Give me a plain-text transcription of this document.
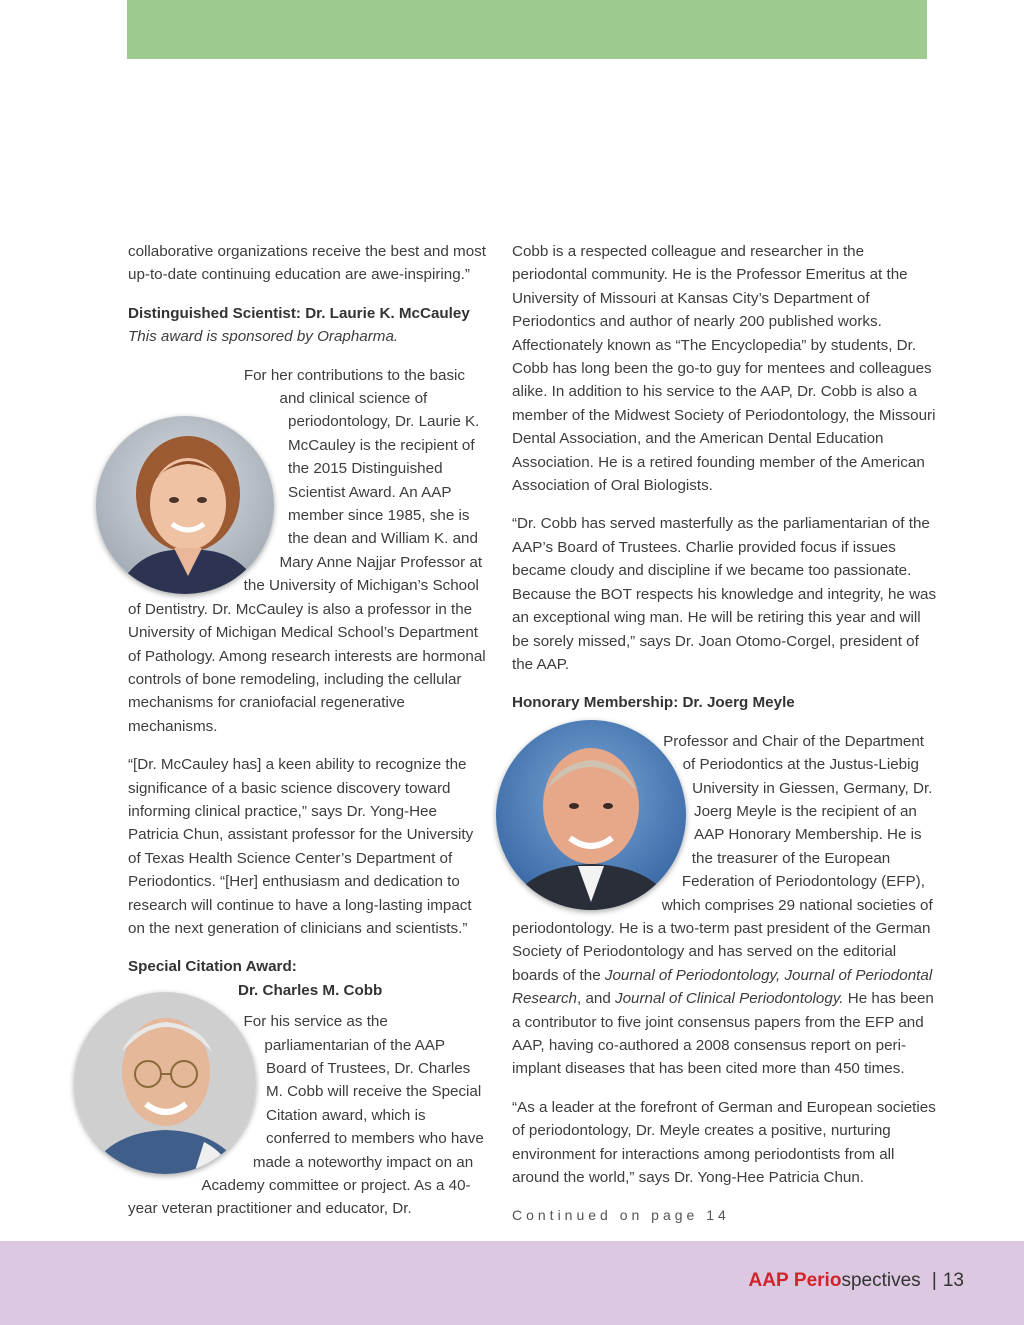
collaborative organizations receive the best and most up-to-date continuing education are awe-inspiring.”

Distinguished Scientist: Dr. Laurie K. McCauley

This award is sponsored by Orapharma.

For her contributions to the basic and clinical science of periodontology, Dr. Laurie K. McCauley is the recipient of the 2015 Distinguished Scientist Award. An AAP member since 1985, she is the dean and William K. and Mary Anne Najjar Professor at the University of Michigan’s School of Dentistry. Dr. McCauley is also a professor in the University of Michigan Medical School’s Department of Pathology. Among research interests are hormonal controls of bone remodeling, including the cellular mechanisms for craniofacial regenerative mechanisms.

“[Dr. McCauley has] a keen ability to recognize the significance of a basic science discovery toward informing clinical practice,” says Dr. Yong-Hee Patricia Chun, assistant professor for the University of Texas Health Science Center’s Department of Periodontics. “[Her] enthusiasm and dedication to research will continue to have a long-lasting impact on the next generation of clinicians and scientists.”

Special Citation Award:
Dr. Charles M. Cobb

For his service as the parliamentarian of the AAP Board of Trustees, Dr. Charles M. Cobb will receive the Special Citation award, which is conferred to members who have made a noteworthy impact on an Academy committee or project. As a 40-year veteran practitioner and educator, Dr.

Cobb is a respected colleague and researcher in the periodontal community. He is the Professor Emeritus at the University of Missouri at Kansas City’s Department of Periodontics and author of nearly 200 published works. Affectionately known as “The Encyclopedia” by students, Dr. Cobb has long been the go-to guy for mentees and colleagues alike. In addition to his service to the AAP, Dr. Cobb is also a member of the Midwest Society of Periodontology, the Missouri Dental Association, and the American Dental Education Association. He is a retired founding member of the American Association of Oral Biologists.

“Dr. Cobb has served masterfully as the parliamentarian of the AAP’s Board of Trustees. Charlie provided focus if issues became cloudy and discipline if we became too passionate. Because the BOT respects his knowledge and integrity, he was an exceptional wing man. He will be retiring this year and will be sorely missed,” says Dr. Joan Otomo-Corgel, president of the AAP.

Honorary Membership: Dr. Joerg Meyle

Professor and Chair of the Department of Periodontics at the Justus-Liebig University in Giessen, Germany, Dr. Joerg Meyle is the recipient of an AAP Honorary Membership. He is the treasurer of the European Federation of Periodontology (EFP), which comprises 29 national societies of periodontology. He is a two-term past president of the German Society of Periodontology and has served on the editorial boards of the Journal of Periodontology, Journal of Periodontal Research, and Journal of Clinical Periodontology. He has been a contributor to five joint consensus papers from the EFP and AAP, having co-authored a 2008 consensus report on peri-implant diseases that has been cited more than 450 times.

“As a leader at the forefront of German and European societies of periodontology, Dr. Meyle creates a positive, nurturing environment for interactions among periodontists from all around the world,” says Dr. Yong-Hee Patricia Chun.

Continued on page 14
AAP Periospectives | 13
